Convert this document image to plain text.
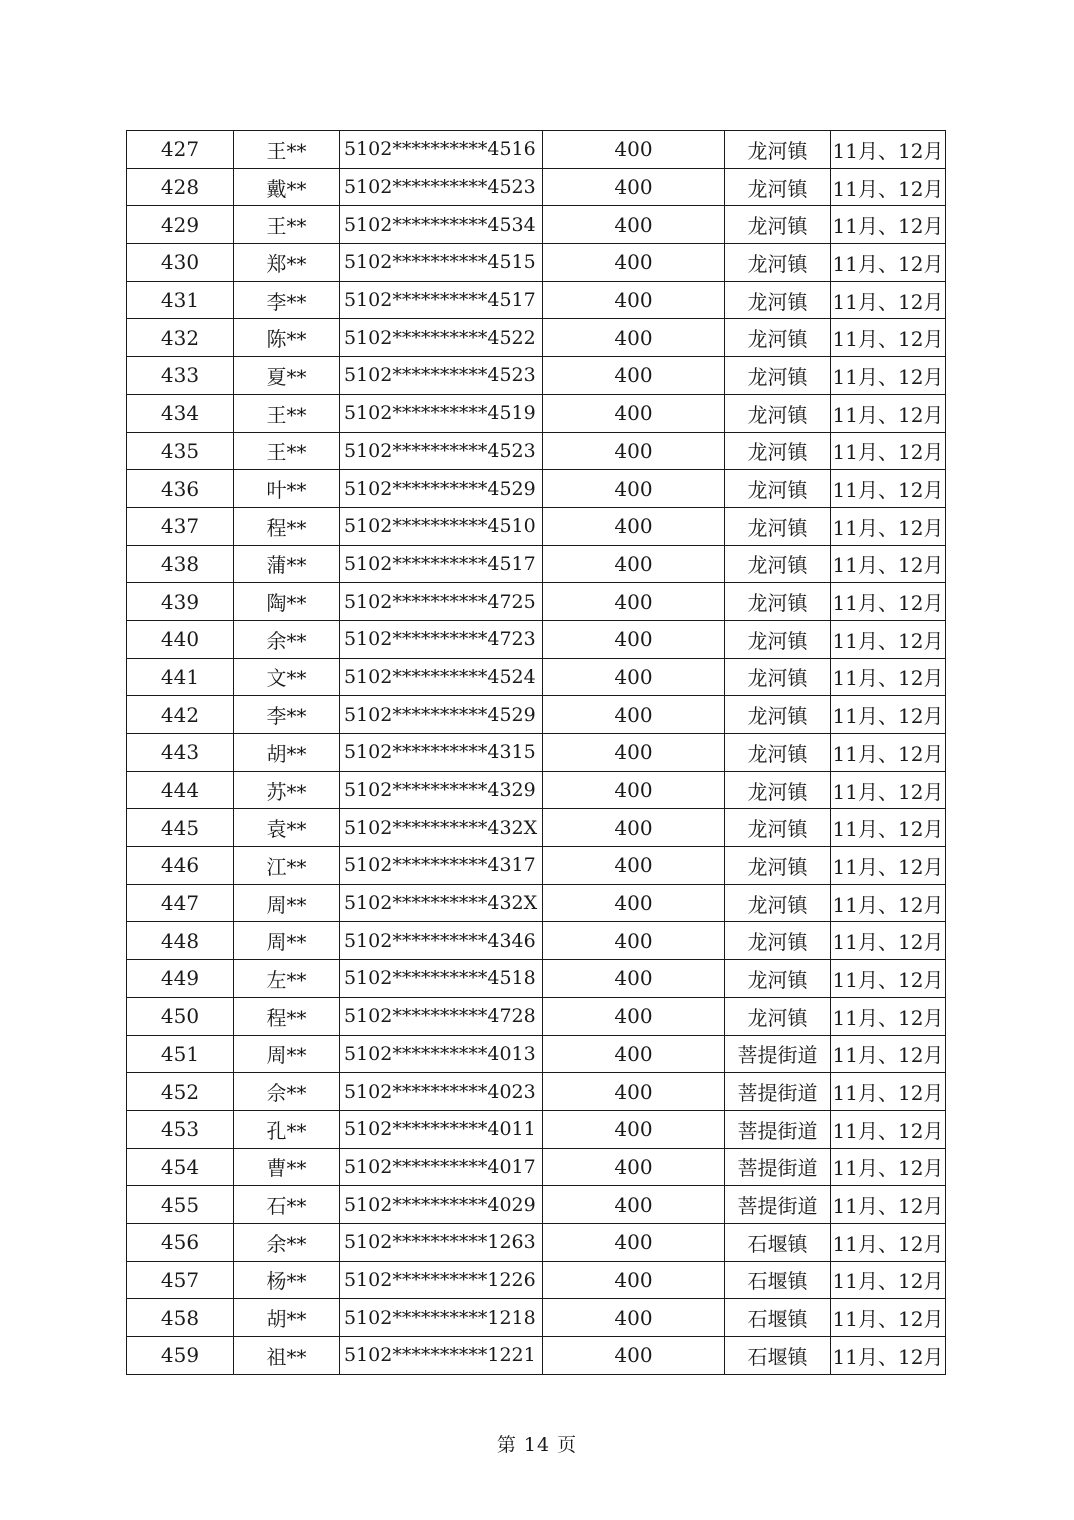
427	王**	5102**********4516	400	龙河镇	11月、12月
428	戴**	5102**********4523	400	龙河镇	11月、12月
429	王**	5102**********4534	400	龙河镇	11月、12月
430	郑**	5102**********4515	400	龙河镇	11月、12月
431	李**	5102**********4517	400	龙河镇	11月、12月
432	陈**	5102**********4522	400	龙河镇	11月、12月
433	夏**	5102**********4523	400	龙河镇	11月、12月
434	王**	5102**********4519	400	龙河镇	11月、12月
435	王**	5102**********4523	400	龙河镇	11月、12月
436	叶**	5102**********4529	400	龙河镇	11月、12月
437	程**	5102**********4510	400	龙河镇	11月、12月
438	蒲**	5102**********4517	400	龙河镇	11月、12月
439	陶**	5102**********4725	400	龙河镇	11月、12月
440	余**	5102**********4723	400	龙河镇	11月、12月
441	文**	5102**********4524	400	龙河镇	11月、12月
442	李**	5102**********4529	400	龙河镇	11月、12月
443	胡**	5102**********4315	400	龙河镇	11月、12月
444	苏**	5102**********4329	400	龙河镇	11月、12月
445	袁**	5102**********432X	400	龙河镇	11月、12月
446	江**	5102**********4317	400	龙河镇	11月、12月
447	周**	5102**********432X	400	龙河镇	11月、12月
448	周**	5102**********4346	400	龙河镇	11月、12月
449	左**	5102**********4518	400	龙河镇	11月、12月
450	程**	5102**********4728	400	龙河镇	11月、12月
451	周**	5102**********4013	400	菩提街道	11月、12月
452	佘**	5102**********4023	400	菩提街道	11月、12月
453	孔**	5102**********4011	400	菩提街道	11月、12月
454	曹**	5102**********4017	400	菩提街道	11月、12月
455	石**	5102**********4029	400	菩提街道	11月、12月
456	余**	5102**********1263	400	石堰镇	11月、12月
457	杨**	5102**********1226	400	石堰镇	11月、12月
458	胡**	5102**********1218	400	石堰镇	11月、12月
459	祖**	5102**********1221	400	石堰镇	11月、12月
第 14 页
